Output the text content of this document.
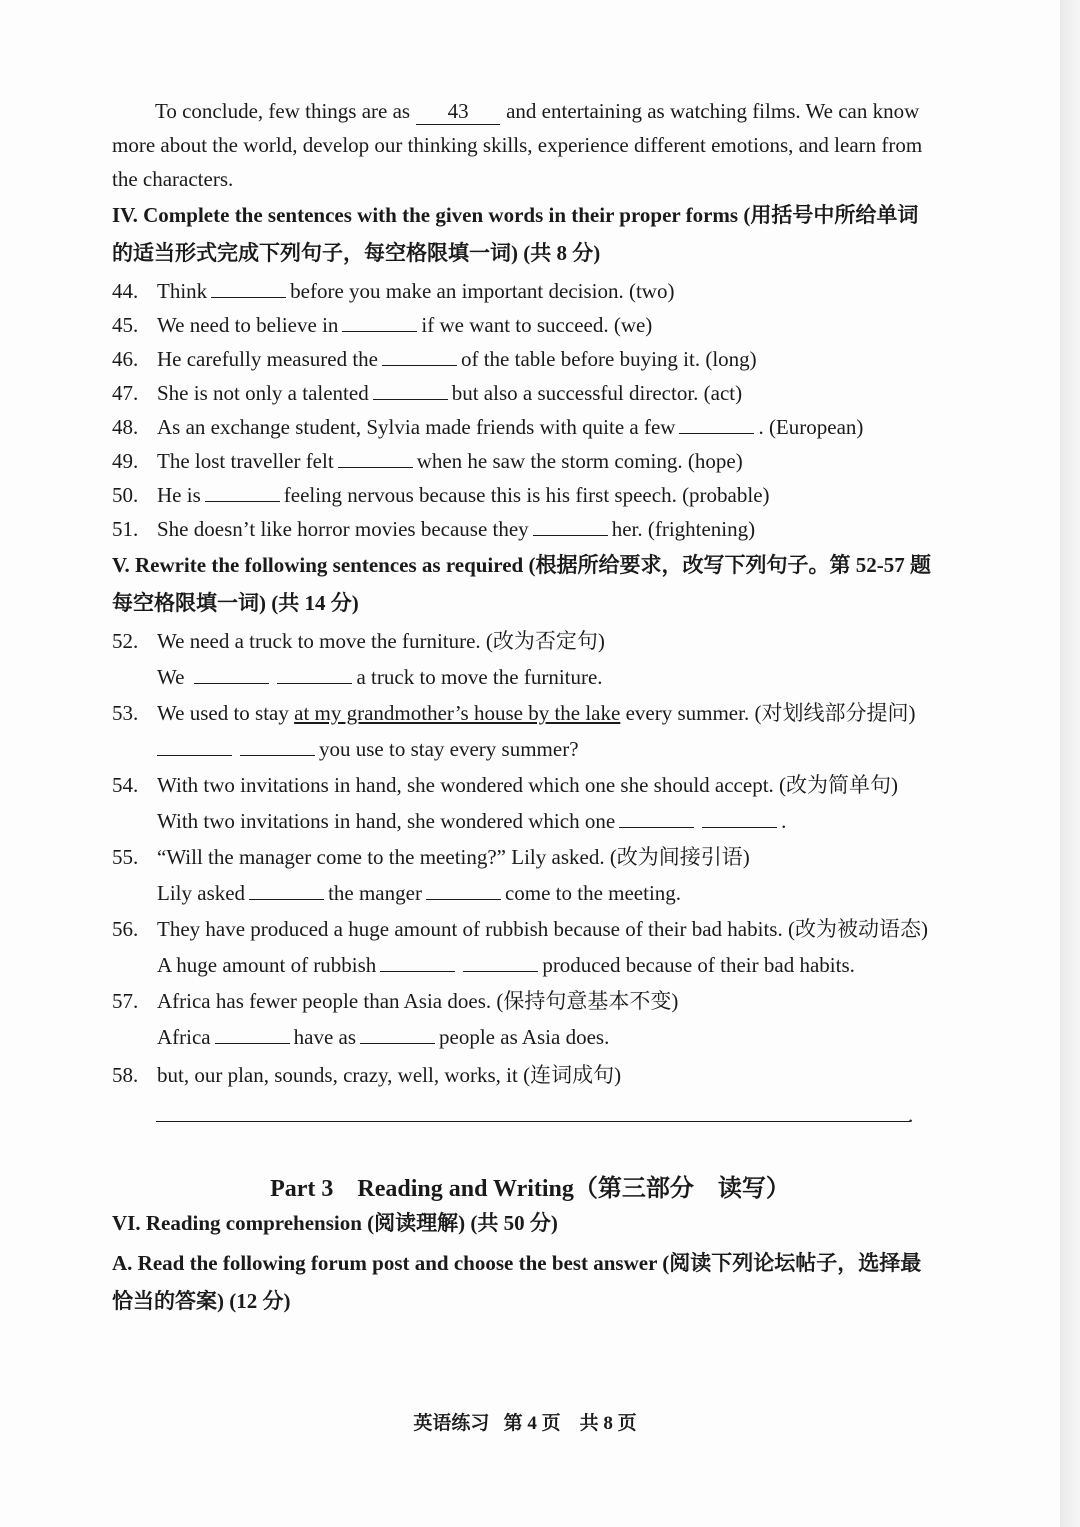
To conclude, few things are as 43 and entertaining as watching films. We can know
more about the world, develop our thinking skills, experience different emotions, and learn from
the characters.
IV. Complete the sentences with the given words in their proper forms (用括号中所给单词
的适当形式完成下列句子，每空格限填一词) (共 8 分)
44. Think	before you make an important decision. (two)
45. We need to believe in	if we want to succeed. (we)
46. He carefully measured the	of the table before buying it. (long)
47. She is not only a talented	but also a successful director. (act)
48. As an exchange student, Sylvia made friends with quite a few	. (European)
49. The lost traveller felt	when he saw the storm coming. (hope)
50. He is	feeling nervous because this is his first speech. (probable)
51. She doesn’t like horror movies because they	her. (frightening)
V. Rewrite the following sentences as required (根据所给要求，改写下列句子。第 52-57 题
每空格限填一词) (共 14 分)
52. We need a truck to move the furniture. (改为否定句)
We	a truck to move the furniture.
53. We used to stay at my grandmother’s house by the lake every summer. (对划线部分提问)
you use to stay every summer?
54. With two invitations in hand, she wondered which one she should accept. (改为简单句)
With two invitations in hand, she wondered which one	.
55. “Will the manager come to the meeting?” Lily asked. (改为间接引语)
Lily asked	the manger	come to the meeting.
56. They have produced a huge amount of rubbish because of their bad habits. (改为被动语态)
A huge amount of rubbish	produced because of their bad habits.
57. Africa has fewer people than Asia does. (保持句意基本不变)
Africa	have as	people as Asia does.
58. but, our plan, sounds, crazy, well, works, it (连词成句)
.
Part 3    Reading and Writing（第三部分    读写）
VI. Reading comprehension (阅读理解) (共 50 分)
A. Read the following forum post and choose the best answer (阅读下列论坛帖子，选择最
恰当的答案) (12 分)
英语练习   第 4 页    共 8 页
